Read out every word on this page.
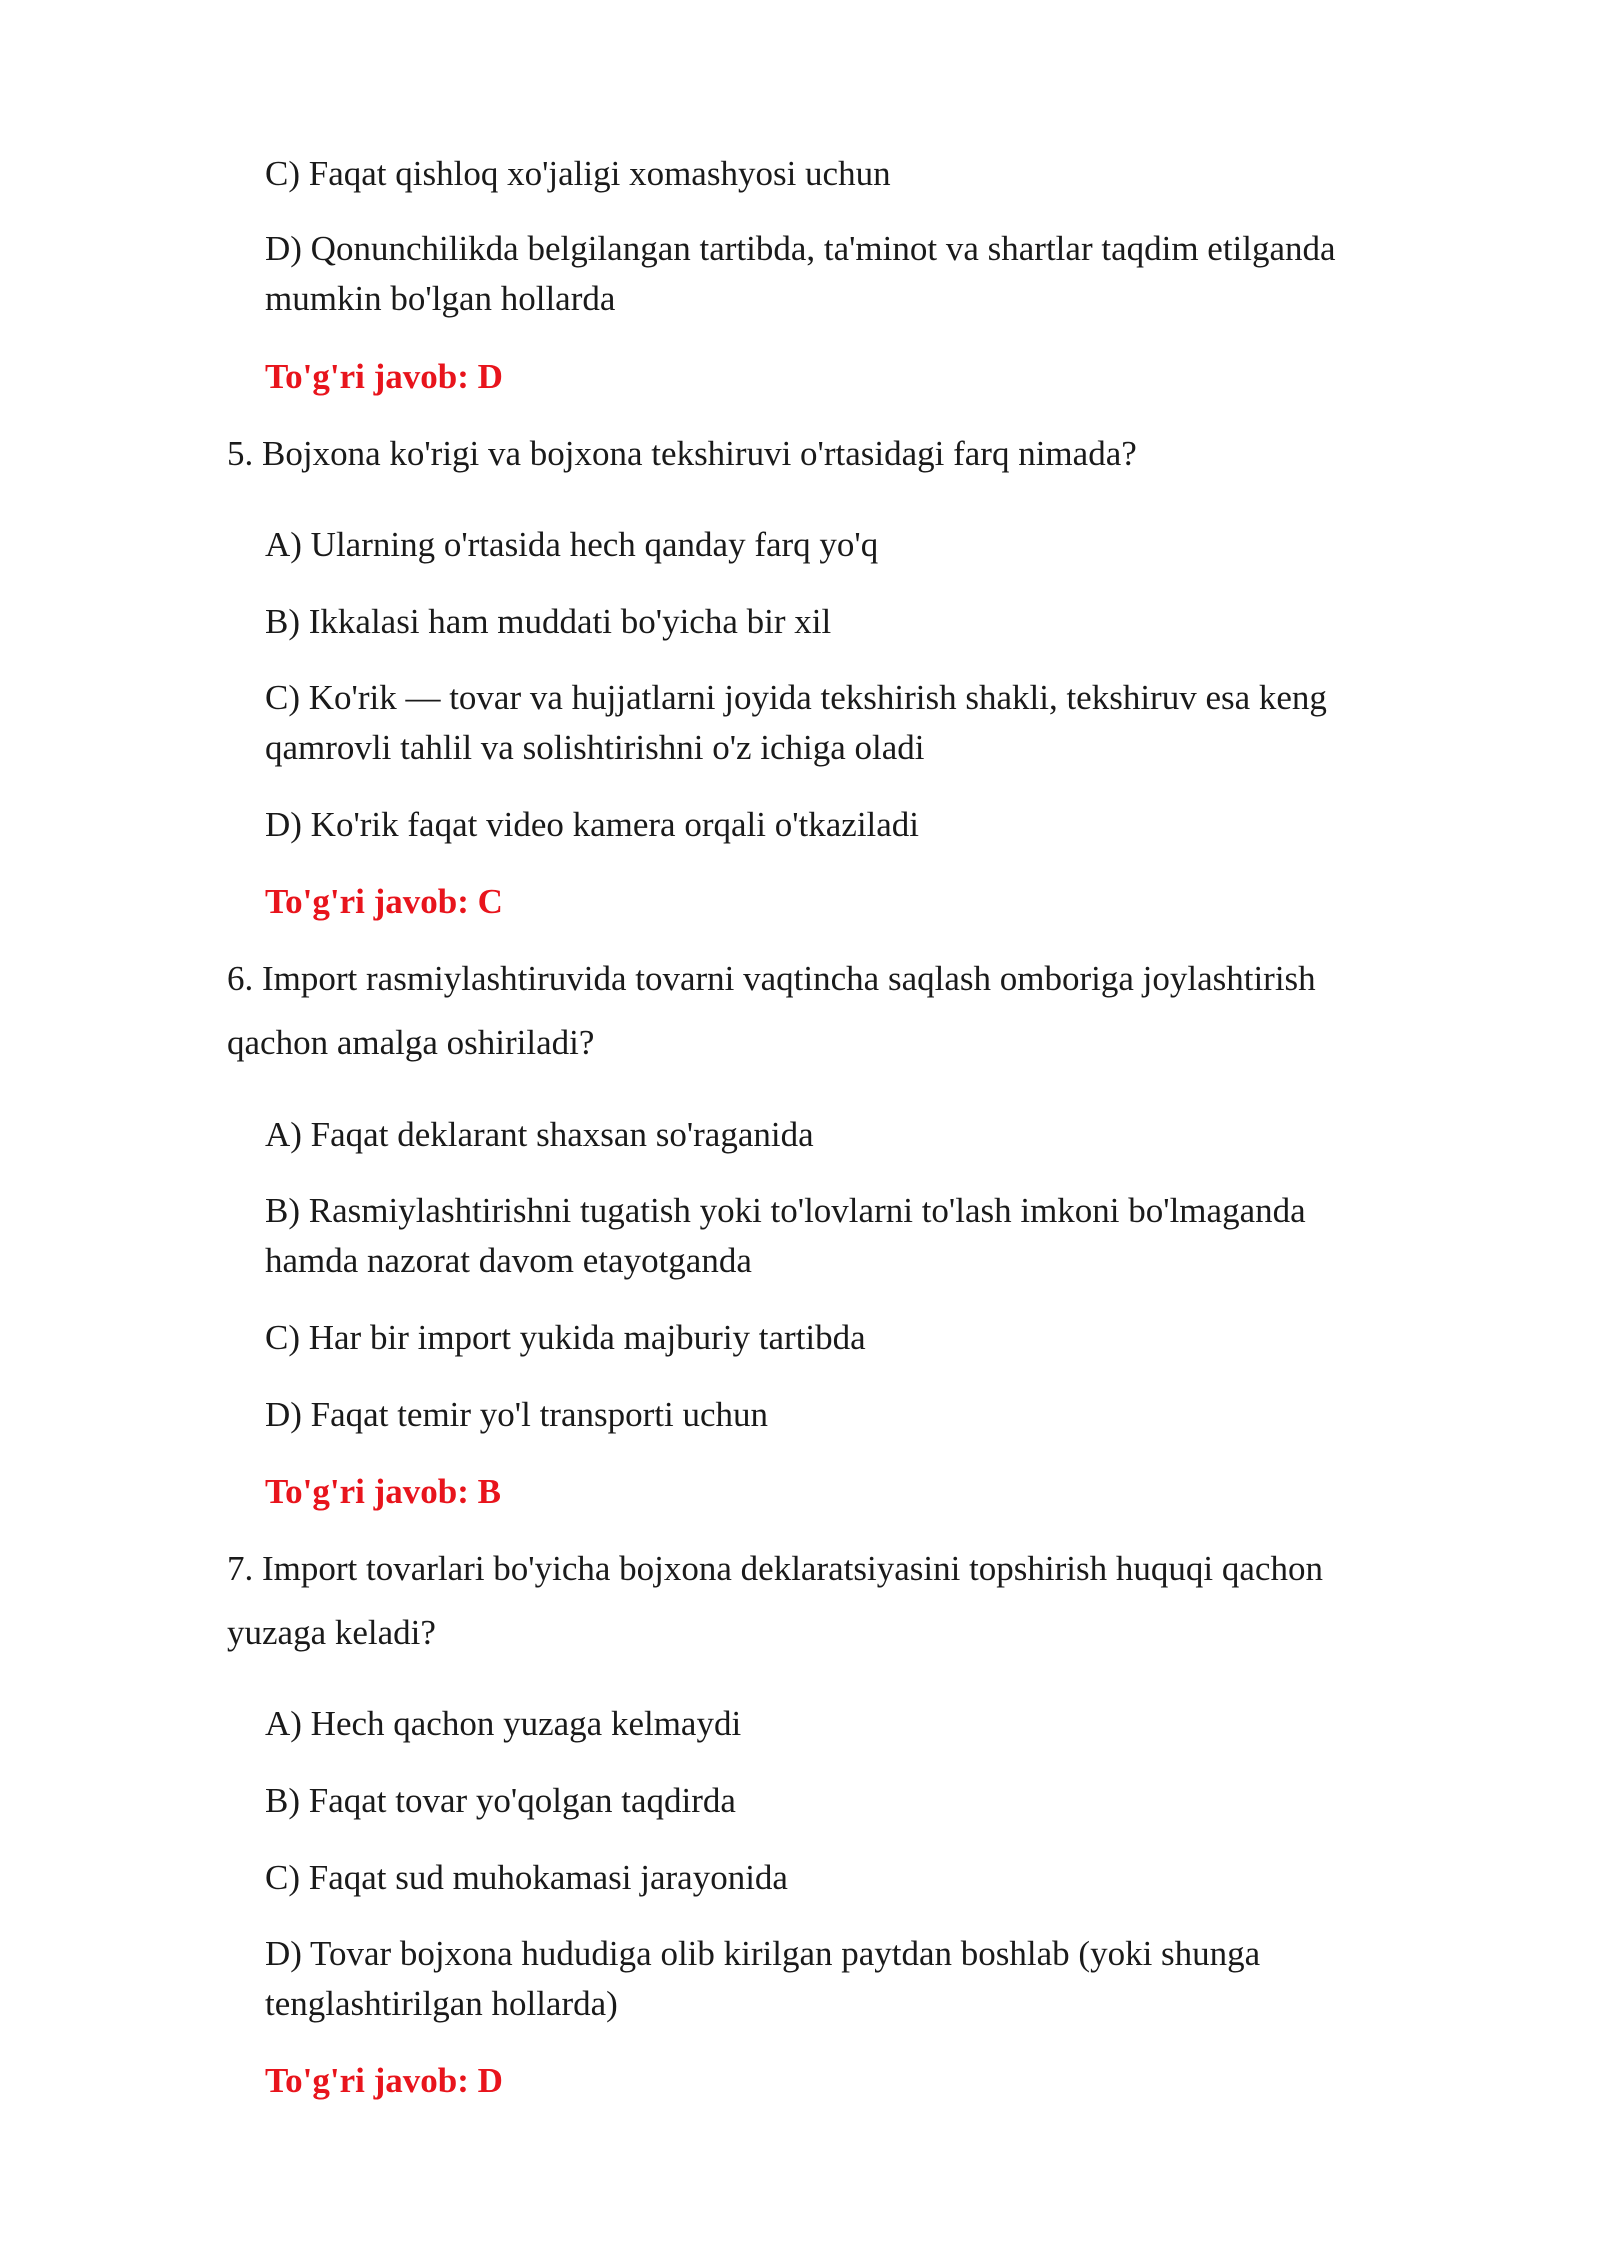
C) Faqat qishloq xo'jaligi xomashyosi uchun

D) Qonunchilikda belgilangan tartibda, ta'minot va shartlar taqdim etilganda

mumkin bo'lgan hollarda

To'g'ri javob: D

5. Bojxona ko'rigi va bojxona tekshiruvi o'rtasidagi farq nimada?

A) Ularning o'rtasida hech qanday farq yo'q

B) Ikkalasi ham muddati bo'yicha bir xil

C) Ko'rik — tovar va hujjatlarni joyida tekshirish shakli, tekshiruv esa keng

qamrovli tahlil va solishtirishni o'z ichiga oladi

D) Ko'rik faqat video kamera orqali o'tkaziladi

To'g'ri javob: C

6. Import rasmiylashtiruvida tovarni vaqtincha saqlash omboriga joylashtirish

qachon amalga oshiriladi?

A) Faqat deklarant shaxsan so'raganida

B) Rasmiylashtirishni tugatish yoki to'lovlarni to'lash imkoni bo'lmaganda

hamda nazorat davom etayotganda

C) Har bir import yukida majburiy tartibda

D) Faqat temir yo'l transporti uchun

To'g'ri javob: B

7. Import tovarlari bo'yicha bojxona deklaratsiyasini topshirish huquqi qachon

yuzaga keladi?

A) Hech qachon yuzaga kelmaydi

B) Faqat tovar yo'qolgan taqdirda

C) Faqat sud muhokamasi jarayonida

D) Tovar bojxona hududiga olib kirilgan paytdan boshlab (yoki shunga

tenglashtirilgan hollarda)

To'g'ri javob: D
